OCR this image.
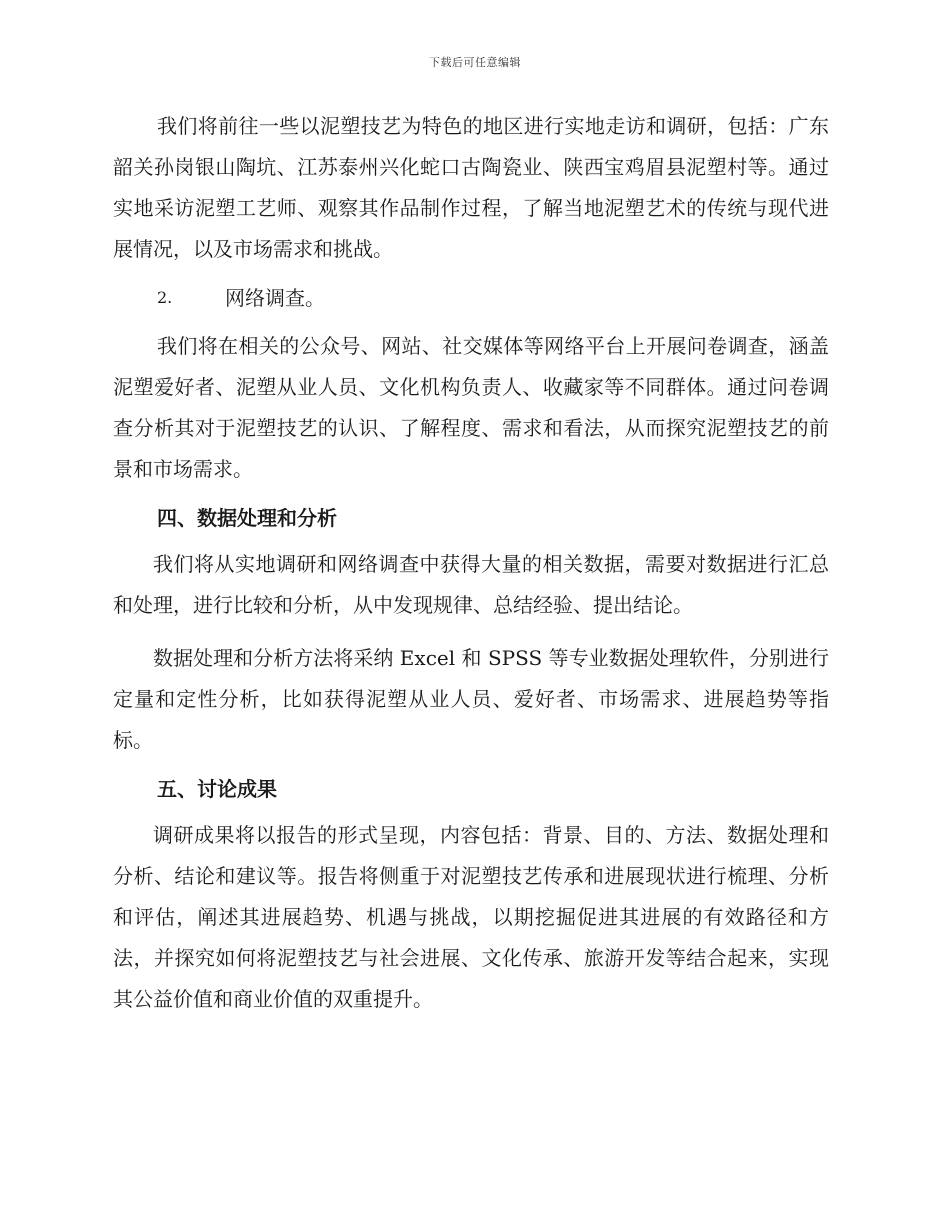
下载后可任意编辑

我们将前往一些以泥塑技艺为特色的地区进行实地走访和调研，包括：广东韶关孙岗银山陶坑、江苏泰州兴化蛇口古陶瓷业、陕西宝鸡眉县泥塑村等。通过实地采访泥塑工艺师、观察其作品制作过程，了解当地泥塑艺术的传统与现代进展情况，以及市场需求和挑战。

2.	网络调查。

我们将在相关的公众号、网站、社交媒体等网络平台上开展问卷调查，涵盖泥塑爱好者、泥塑从业人员、文化机构负责人、收藏家等不同群体。通过问卷调查分析其对于泥塑技艺的认识、了解程度、需求和看法，从而探究泥塑技艺的前景和市场需求。

四、数据处理和分析

我们将从实地调研和网络调查中获得大量的相关数据，需要对数据进行汇总和处理，进行比较和分析，从中发现规律、总结经验、提出结论。

数据处理和分析方法将采纳 Excel 和 SPSS 等专业数据处理软件，分别进行定量和定性分析，比如获得泥塑从业人员、爱好者、市场需求、进展趋势等指标。

五、讨论成果

调研成果将以报告的形式呈现，内容包括：背景、目的、方法、数据处理和分析、结论和建议等。报告将侧重于对泥塑技艺传承和进展现状进行梳理、分析和评估，阐述其进展趋势、机遇与挑战，以期挖掘促进其进展的有效路径和方法，并探究如何将泥塑技艺与社会进展、文化传承、旅游开发等结合起来，实现其公益价值和商业价值的双重提升。
